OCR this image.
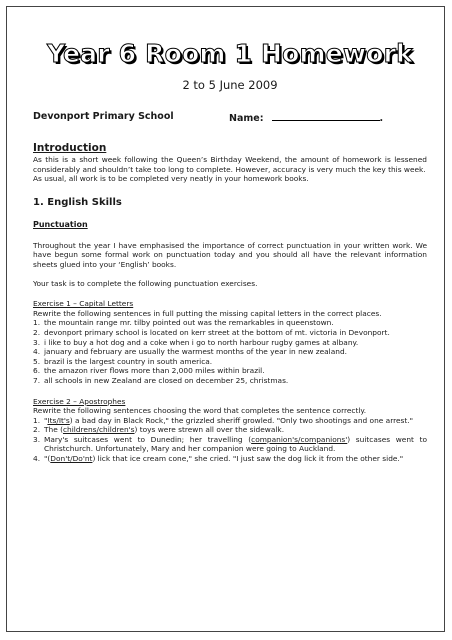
Year 6 Room 1 Homework
2 to 5 June 2009
Devonport Primary School	Name:	.
Introduction

As this is a short week following the Queen’s Birthday Weekend, the amount of homework is lessened considerably and shouldn’t take too long to complete. However, accuracy is very much the key this week.

As usual, all work is to be completed very neatly in your homework books.

1. English Skills
Punctuation

Throughout the year I have emphasised the importance of correct punctuation in your written work. We have begun some formal work on punctuation today and you should all have the relevant information sheets glued into your ‘English’ books.

Your task is to complete the following punctuation exercises.

Exercise 1 – Capital Letters

Rewrite the following sentences in full putting the missing capital letters in the correct places.

1. the mountain range mr. tilby pointed out was the remarkables in queenstown.
2. devonport primary school is located on kerr street at the bottom of mt. victoria in Devonport.
3. i like to buy a hot dog and a coke when i go to north harbour rugby games at albany.
4. january and february are usually the warmest months of the year in new zealand.
5. brazil is the largest country in south america.
6. the amazon river flows more than 2,000 miles within brazil.
7. all schools in new Zealand are closed on december 25, christmas.
Exercise 2 – Apostrophes

Rewrite the following sentences choosing the word that completes the sentence correctly.

1. "Its/It's) a bad day in Black Rock," the grizzled sheriff growled. "Only two shootings and one arrest."
2. The (childrens/children's) toys were strewn all over the sidewalk.
3. Mary's suitcases went to Dunedin; her travelling (companion's/companions') suitcases went to Christchurch. Unfortunately, Mary and her companion were going to Auckland.
4. "(Don't/Do'nt) lick that ice cream cone," she cried. "I just saw the dog lick it from the other side."
